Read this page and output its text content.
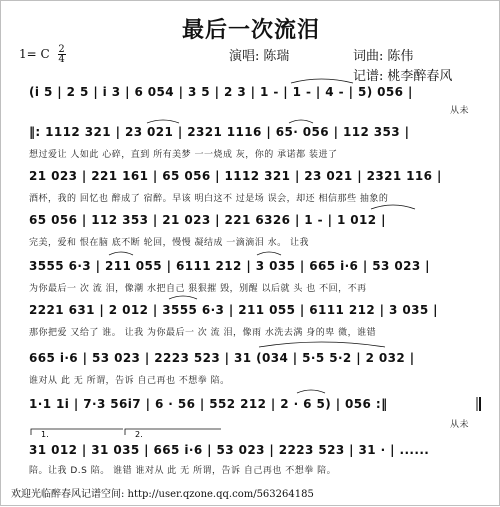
最后一次流泪
1= C $\frac{2}{4}$	演唱: 陈瑞	词曲: 陈伟
记谱: 桃李醉春风
(i 5 | 2 5 | i 3 | 6 054 | 3 5 | 2 3 | 1 - | 1 - | 4 - | 5) 056 |
从未
‖: 1112 321 | 23 021 | 2321 1116 | 65· 056 | 112 353 |
想过爱让 人如此 心碎，直到 所有美梦 一一烧成 灰，你的 承诺都 装进了
21 023 | 221 161 | 65 056 | 1112 321 | 23 021 | 2321 116 |
酒杯，我的 回忆也 醉成了 宿醉。早该 明白这不 过是场 误会，却还 相信那些 抽象的
65 056 | 112 353 | 21 023 | 221 6326 | 1 - | 1 012 |
完美，爱和 恨在脑 底不断 轮回，慢慢 凝结成 一滴滴泪 水。 让我
3555 6·3 | 211 055 | 6111 212 | 3 035 | 665 i·6 | 53 023 |
为你最后一 次 流 泪，像潮 水把自己 狠狠摧 毁，别醒 以后就 头 也 不回，不再
2221 631 | 2 012 | 3555 6·3 | 211 055 | 6111 212 | 3 035 |
那你把爱 又给了 谁。 让我 为你最后一 次 流 泪，像雨 水洗去满 身的卑 微，谁错
665 i·6 | 53 023 | 2223 523 | 31 (034 | 5·5 5·2 | 2 032 |
谁对从 此 无 所谓，告诉 自己再也 不想拳 陪。
1·1 1i | 7·3 56i7 | 6 · 56 | 552 212 | 2 · 6 5) | 056 :‖
从未
31 012 | 31 035 | 665 i·6 | 53 023 | 2223 523 | 31 · | ......
陪。让我 D.S 陪。 谁错 谁对从 此 无 所谓，告诉 自己再也 不想拳 陪。
1.	2.
欢迎光临醉春风记谱空间: http://user.qzone.qq.com/563264185
